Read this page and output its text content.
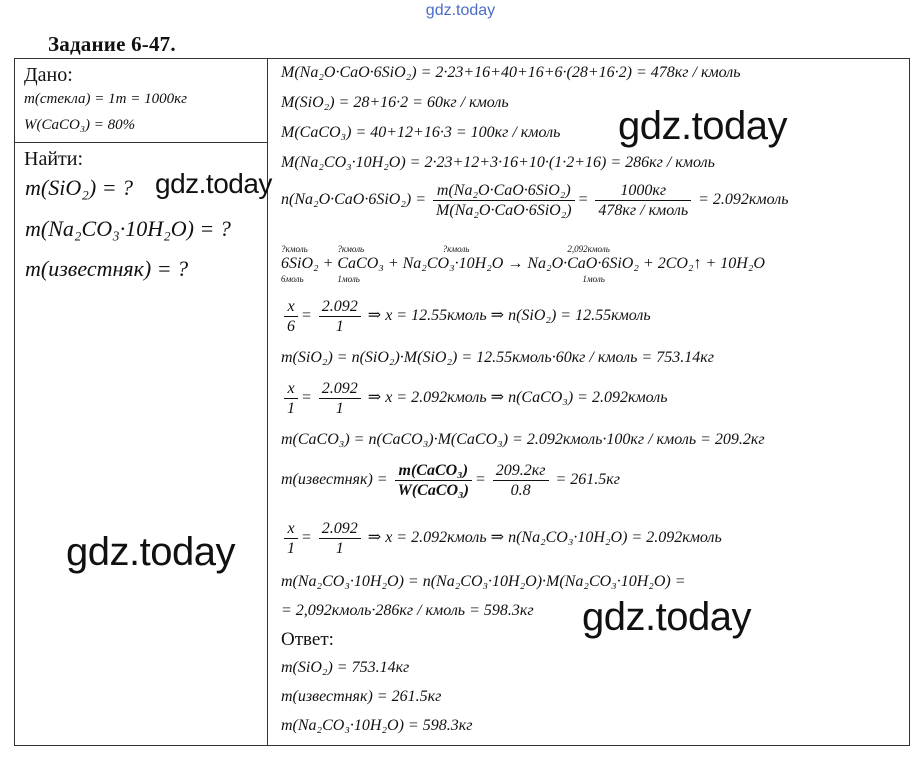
gdz.today
Задание 6-47.
Дано:
m(стекла) = 1т = 1000кг
W(CaCO₃) = 80%
Найти:
m(SiO₂) = ?
m(Na₂CO₃·10H₂O) = ?
m(известняк) = ?
M(Na₂O·CaO·6SiO₂) = 2·23+16+40+16+6·(28+16·2) = 478кг / кмоль
M(SiO₂) = 28+16·2 = 60кг / кмоль
M(CaCO₃) = 40+12+16·3 = 100кг / кмоль
M(Na₂CO₃·10H₂O) = 2·23+12+3·16+10·(1·2+16) = 286кг / кмоль
$n(Na_2O\cdot CaO\cdot 6SiO_2) = \frac{\text{m(Na₂O·CaO·6SiO₂)}}{\text{M(Na₂O·CaO·6SiO₂)}} = \frac{1000кг}{\text{478кг / кмоль}}$ = 2.092кмоль
?кмоль
6SiO₂
6моль
+
?кмоль
CaCO₃
1моль
+
?кмоль
Na₂CO₃·10H₂O →
2,092кмоль
Na₂O·CaO·6SiO₂
1моль
+ 2CO₂↑ + 10H₂O
$\frac{x}{6} = \frac{2.092}{1}$ ⇒ x = 12.55кмоль ⇒ n(SiO₂) = 12.55кмоль
m(SiO₂) = n(SiO₂)·M(SiO₂) = 12.55кмоль·60кг / кмоль = 753.14кг
$\frac{x}{1} = \frac{2.092}{1}$ ⇒ x = 2.092кмоль ⇒ n(CaCO₃) = 2.092кмоль
m(CaCO₃) = n(CaCO₃)·M(CaCO₃) = 2.092кмоль·100кг / кмоль = 209.2кг
m(известняк) = $\frac{\text{m(CaCO₃)}}{\text{W(CaCO₃)}} = \frac{209.2кг}{0.8} = 261.5кг$
$\frac{x}{1} = \frac{2.092}{1}$ ⇒ x = 2.092кмоль ⇒ n(Na₂CO₃·10H₂O) = 2.092кмоль
m(Na₂CO₃·10H₂O) = n(Na₂CO₃·10H₂O)·M(Na₂CO₃·10H₂O) =
= 2,092кмоль·286кг / кмоль = 598.3кг
Ответ:
m(SiO₂) = 753.14кг
m(известняк) = 261.5кг
m(Na₂CO₃·10H₂O) = 598.3кг
gdz.today
gdz.today
gdz.today
gdz.today
